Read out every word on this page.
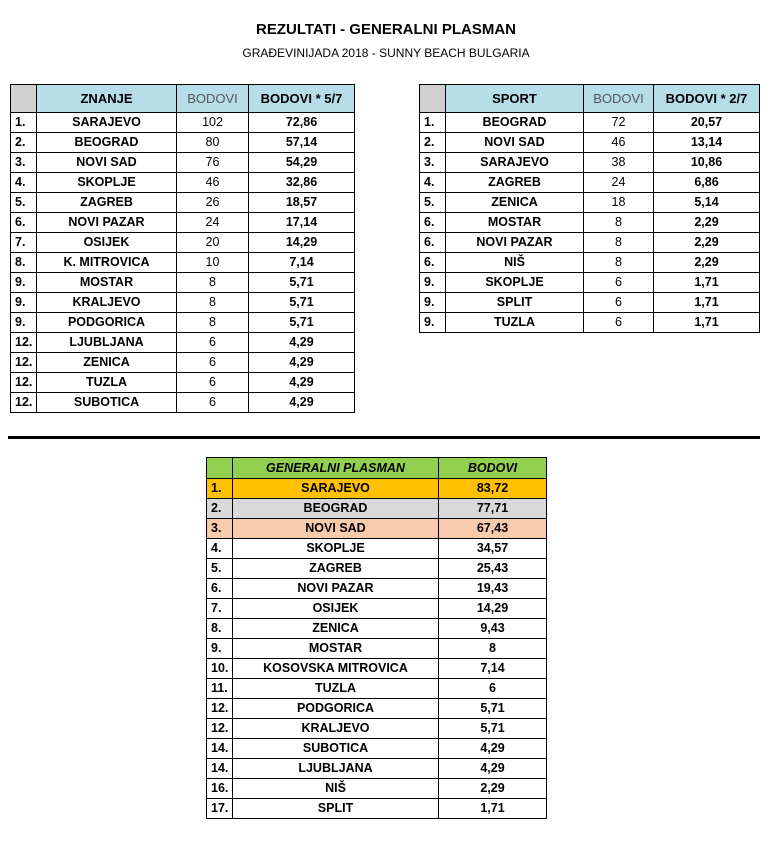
REZULTATI - GENERALNI PLASMAN
GRAĐEVINIJADA 2018 - SUNNY BEACH BULGARIA
	ZNANJE	BODOVI	BODOVI * 5/7
1.	SARAJEVO	102	72,86
2.	BEOGRAD	80	57,14
3.	NOVI SAD	76	54,29
4.	SKOPLJE	46	32,86
5.	ZAGREB	26	18,57
6.	NOVI PAZAR	24	17,14
7.	OSIJEK	20	14,29
8.	K. MITROVICA	10	7,14
9.	MOSTAR	8	5,71
9.	KRALJEVO	8	5,71
9.	PODGORICA	8	5,71
12.	LJUBLJANA	6	4,29
12.	ZENICA	6	4,29
12.	TUZLA	6	4,29
12.	SUBOTICA	6	4,29
	SPORT	BODOVI	BODOVI * 2/7
1.	BEOGRAD	72	20,57
2.	NOVI SAD	46	13,14
3.	SARAJEVO	38	10,86
4.	ZAGREB	24	6,86
5.	ZENICA	18	5,14
6.	MOSTAR	8	2,29
6.	NOVI PAZAR	8	2,29
6.	NIŠ	8	2,29
9.	SKOPLJE	6	1,71
9.	SPLIT	6	1,71
9.	TUZLA	6	1,71
	GENERALNI PLASMAN	BODOVI
1.	SARAJEVO	83,72
2.	BEOGRAD	77,71
3.	NOVI SAD	67,43
4.	SKOPLJE	34,57
5.	ZAGREB	25,43
6.	NOVI PAZAR	19,43
7.	OSIJEK	14,29
8.	ZENICA	9,43
9.	MOSTAR	8
10.	KOSOVSKA MITROVICA	7,14
11.	TUZLA	6
12.	PODGORICA	5,71
12.	KRALJEVO	5,71
14.	SUBOTICA	4,29
14.	LJUBLJANA	4,29
16.	NIŠ	2,29
17.	SPLIT	1,71
